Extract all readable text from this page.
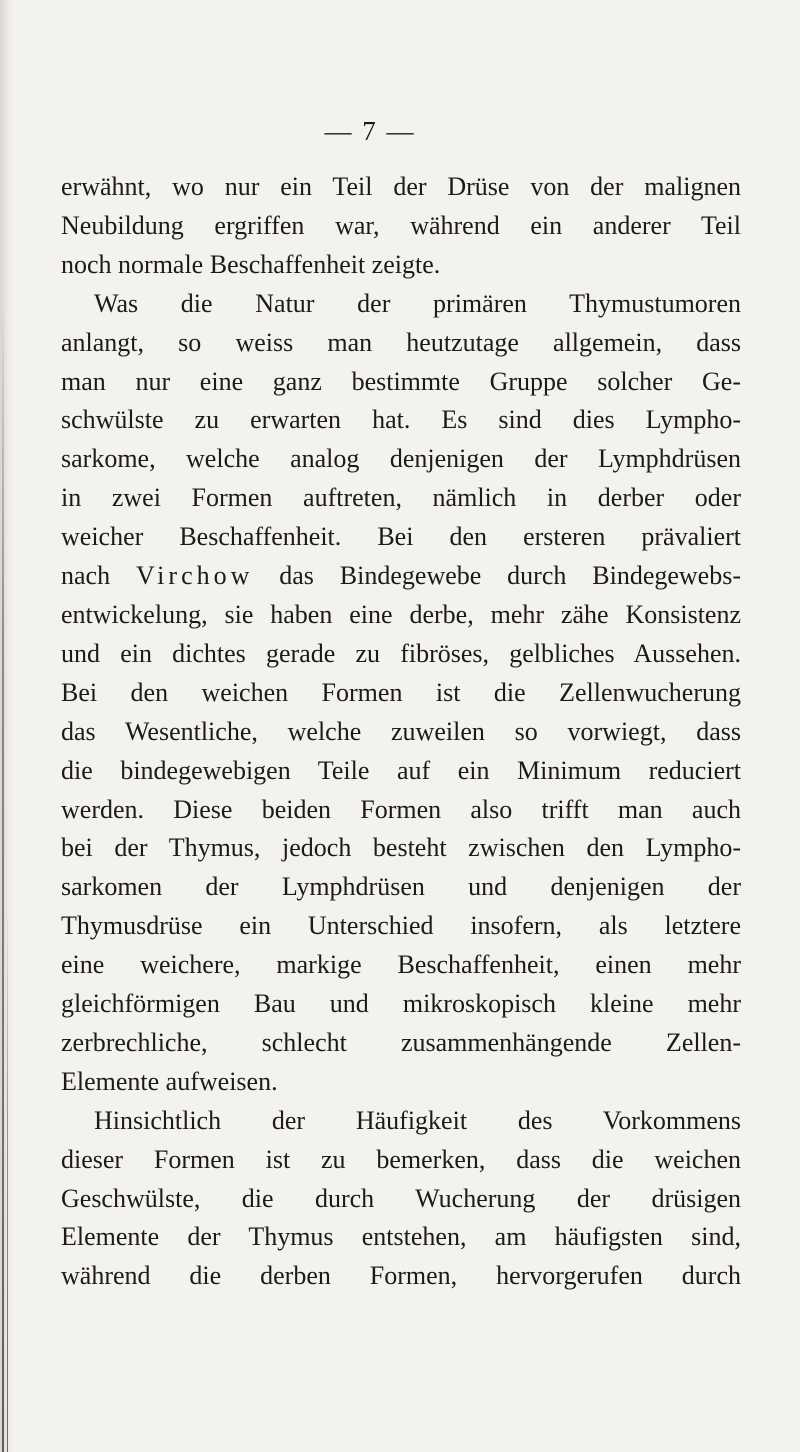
— 7 —
erwähnt, wo nur ein Teil der Drüse von der malignen
Neubildung ergriffen war, während ein anderer Teil
noch normale Beschaffenheit zeigte.
Was die Natur der primären Thymustumoren
anlangt, so weiss man heutzutage allgemein, dass
man nur eine ganz bestimmte Gruppe solcher Ge-
schwülste zu erwarten hat. Es sind dies Lympho-
sarkome, welche analog denjenigen der Lymphdrüsen
in zwei Formen auftreten, nämlich in derber oder
weicher Beschaffenheit. Bei den ersteren prävaliert
nach Virchow das Bindegewebe durch Bindegewebs-
entwickelung, sie haben eine derbe, mehr zähe Konsistenz
und ein dichtes gerade zu fibröses, gelbliches Aussehen.
Bei den weichen Formen ist die Zellenwucherung
das Wesentliche, welche zuweilen so vorwiegt, dass
die bindegewebigen Teile auf ein Minimum reduciert
werden. Diese beiden Formen also trifft man auch
bei der Thymus, jedoch besteht zwischen den Lympho-
sarkomen der Lymphdrüsen und denjenigen der
Thymusdrüse ein Unterschied insofern, als letztere
eine weichere, markige Beschaffenheit, einen mehr
gleichförmigen Bau und mikroskopisch kleine mehr
zerbrechliche, schlecht zusammenhängende Zellen-
Elemente aufweisen.
Hinsichtlich der Häufigkeit des Vorkommens
dieser Formen ist zu bemerken, dass die weichen
Geschwülste, die durch Wucherung der drüsigen
Elemente der Thymus entstehen, am häufigsten sind,
während die derben Formen, hervorgerufen durch
